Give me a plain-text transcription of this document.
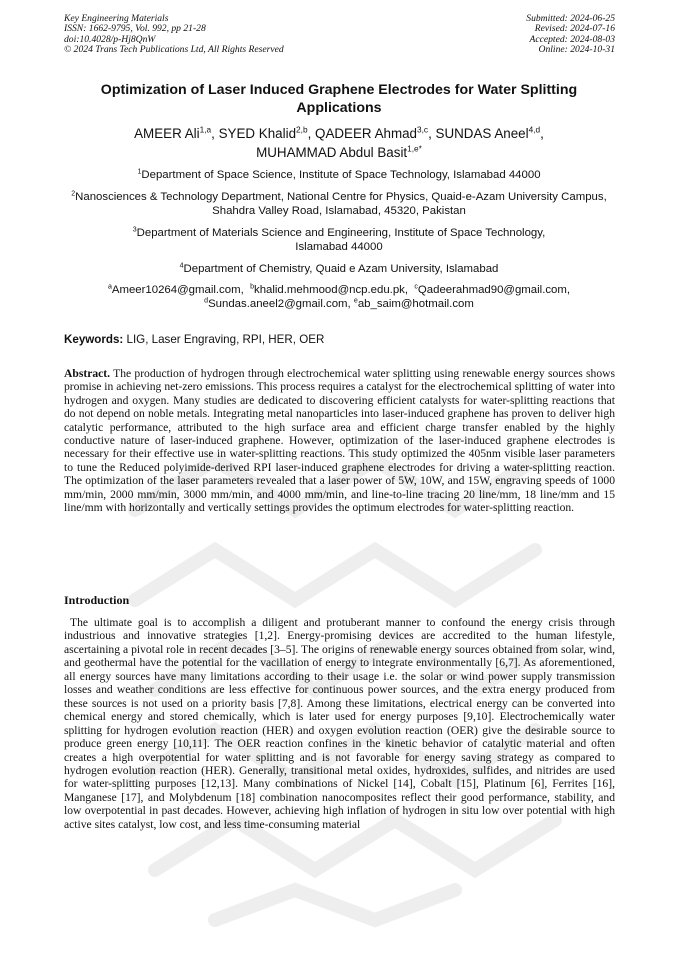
Key Engineering Materials
ISSN: 1662-9795, Vol. 992, pp 21-28
doi:10.4028/p-Hj8QnW
© 2024 Trans Tech Publications Ltd, All Rights Reserved
Submitted: 2024-06-25
Revised: 2024-07-16
Accepted: 2024-08-03
Online: 2024-10-31
Optimization of Laser Induced Graphene Electrodes for Water Splitting Applications
AMEER Ali$^{1,a}$, SYED Khalid$^{2,b}$, QADEER Ahmad$^{3,c}$, SUNDAS Aneel$^{4,d}$,
MUHAMMAD Abdul Basit$^{1,e*}$
$^1$Department of Space Science, Institute of Space Technology, Islamabad 44000
$^2$Nanosciences & Technology Department, National Centre for Physics, Quaid-e-Azam University Campus, Shahdra Valley Road, Islamabad, 45320, Pakistan
$^3$Department of Materials Science and Engineering, Institute of Space Technology, Islamabad 44000
$^4$Department of Chemistry, Quaid e Azam University, Islamabad
$^a$Ameer10264@gmail.com, $^b$khalid.mehmood@ncp.edu.pk, $^c$Qadeerahmad90@gmail.com,
$^d$Sundas.aneel2@gmail.com, $^e$ab_saim@hotmail.com
Keywords: LIG, Laser Engraving, RPI, HER, OER
Abstract. The production of hydrogen through electrochemical water splitting using renewable energy sources shows promise in achieving net-zero emissions. This process requires a catalyst for the electrochemical splitting of water into hydrogen and oxygen. Many studies are dedicated to discovering efficient catalysts for water-splitting reactions that do not depend on noble metals. Integrating metal nanoparticles into laser-induced graphene has proven to deliver high catalytic performance, attributed to the high surface area and efficient charge transfer enabled by the highly conductive nature of laser-induced graphene. However, optimization of the laser-induced graphene electrodes is necessary for their effective use in water-splitting reactions. This study optimized the 405nm visible laser parameters to tune the Reduced polyimide-derived RPI laser-induced graphene electrodes for driving a water-splitting reaction. The optimization of the laser parameters revealed that a laser power of 5W, 10W, and 15W, engraving speeds of 1000 mm/min, 2000 mm/min, 3000 mm/min, and 4000 mm/min, and line-to-line tracing 20 line/mm, 18 line/mm and 15 line/mm with horizontally and vertically settings provides the optimum electrodes for water-splitting reaction.
Introduction
The ultimate goal is to accomplish a diligent and protuberant manner to confound the energy crisis through industrious and innovative strategies [1,2]. Energy-promising devices are accredited to the human lifestyle, ascertaining a pivotal role in recent decades [3–5]. The origins of renewable energy sources obtained from solar, wind, and geothermal have the potential for the vacillation of energy to integrate environmentally [6,7]. As aforementioned, all energy sources have many limitations according to their usage i.e. the solar or wind power supply transmission losses and weather conditions are less effective for continuous power sources, and the extra energy produced from these sources is not used on a priority basis [7,8]. Among these limitations, electrical energy can be converted into chemical energy and stored chemically, which is later used for energy purposes [9,10]. Electrochemically water splitting for hydrogen evolution reaction (HER) and oxygen evolution reaction (OER) give the desirable source to produce green energy [10,11]. The OER reaction confines in the kinetic behavior of catalytic material and often creates a high overpotential for water splitting and is not favorable for energy saving strategy as compared to hydrogen evolution reaction (HER). Generally, transitional metal oxides, hydroxides, sulfides, and nitrides are used for water-splitting purposes [12,13]. Many combinations of Nickel [14], Cobalt [15], Platinum [6], Ferrites [16], Manganese [17], and Molybdenum [18] combination nanocomposites reflect their good performance, stability, and low overpotential in past decades. However, achieving high inflation of hydrogen in situ low over potential with high active sites catalyst, low cost, and less time-consuming material
